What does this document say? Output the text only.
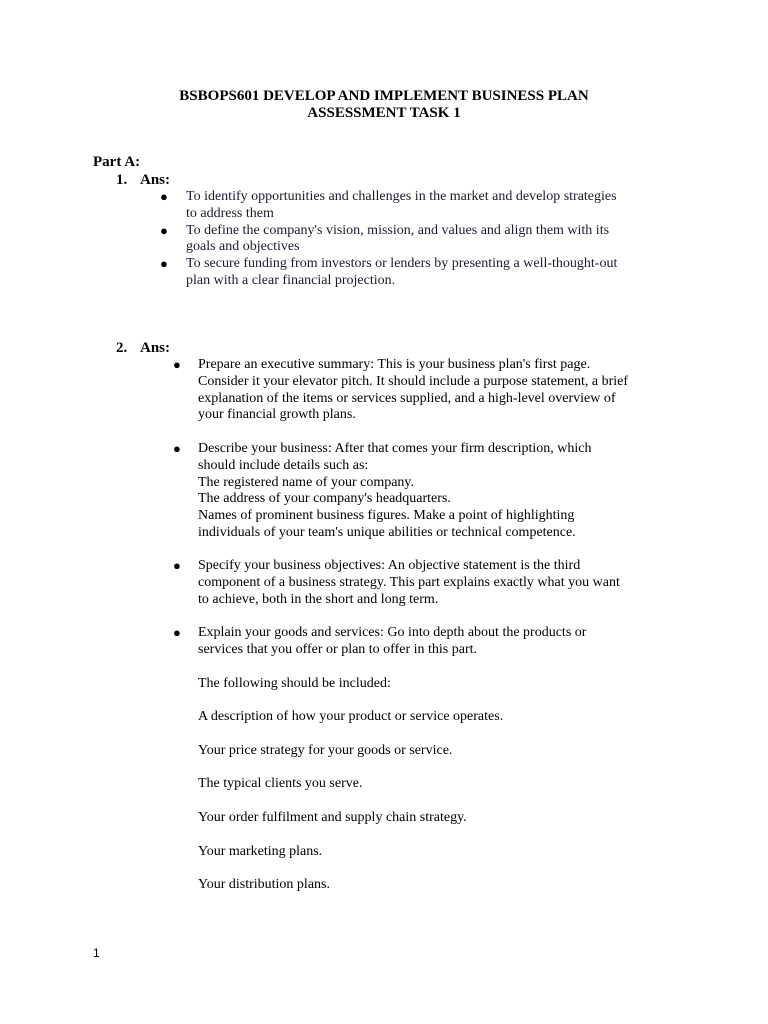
BSBOPS601 DEVELOP AND IMPLEMENT BUSINESS PLAN
ASSESSMENT TASK 1
Part A:
1. Ans:
● To identify opportunities and challenges in the market and develop strategies
to address them
● To define the company's vision, mission, and values and align them with its
goals and objectives
● To secure funding from investors or lenders by presenting a well-thought-out
plan with a clear financial projection.
2. Ans:
● Prepare an executive summary: This is your business plan's first page.
Consider it your elevator pitch. It should include a purpose statement, a brief
explanation of the items or services supplied, and a high-level overview of
your financial growth plans.
● Describe your business: After that comes your firm description, which
should include details such as:
The registered name of your company.
The address of your company's headquarters.
Names of prominent business figures. Make a point of highlighting
individuals of your team's unique abilities or technical competence.
● Specify your business objectives: An objective statement is the third
component of a business strategy. This part explains exactly what you want
to achieve, both in the short and long term.
● Explain your goods and services: Go into depth about the products or
services that you offer or plan to offer in this part.
The following should be included:
A description of how your product or service operates.
Your price strategy for your goods or service.
The typical clients you serve.
Your order fulfilment and supply chain strategy.
Your marketing plans.
Your distribution plans.
1
